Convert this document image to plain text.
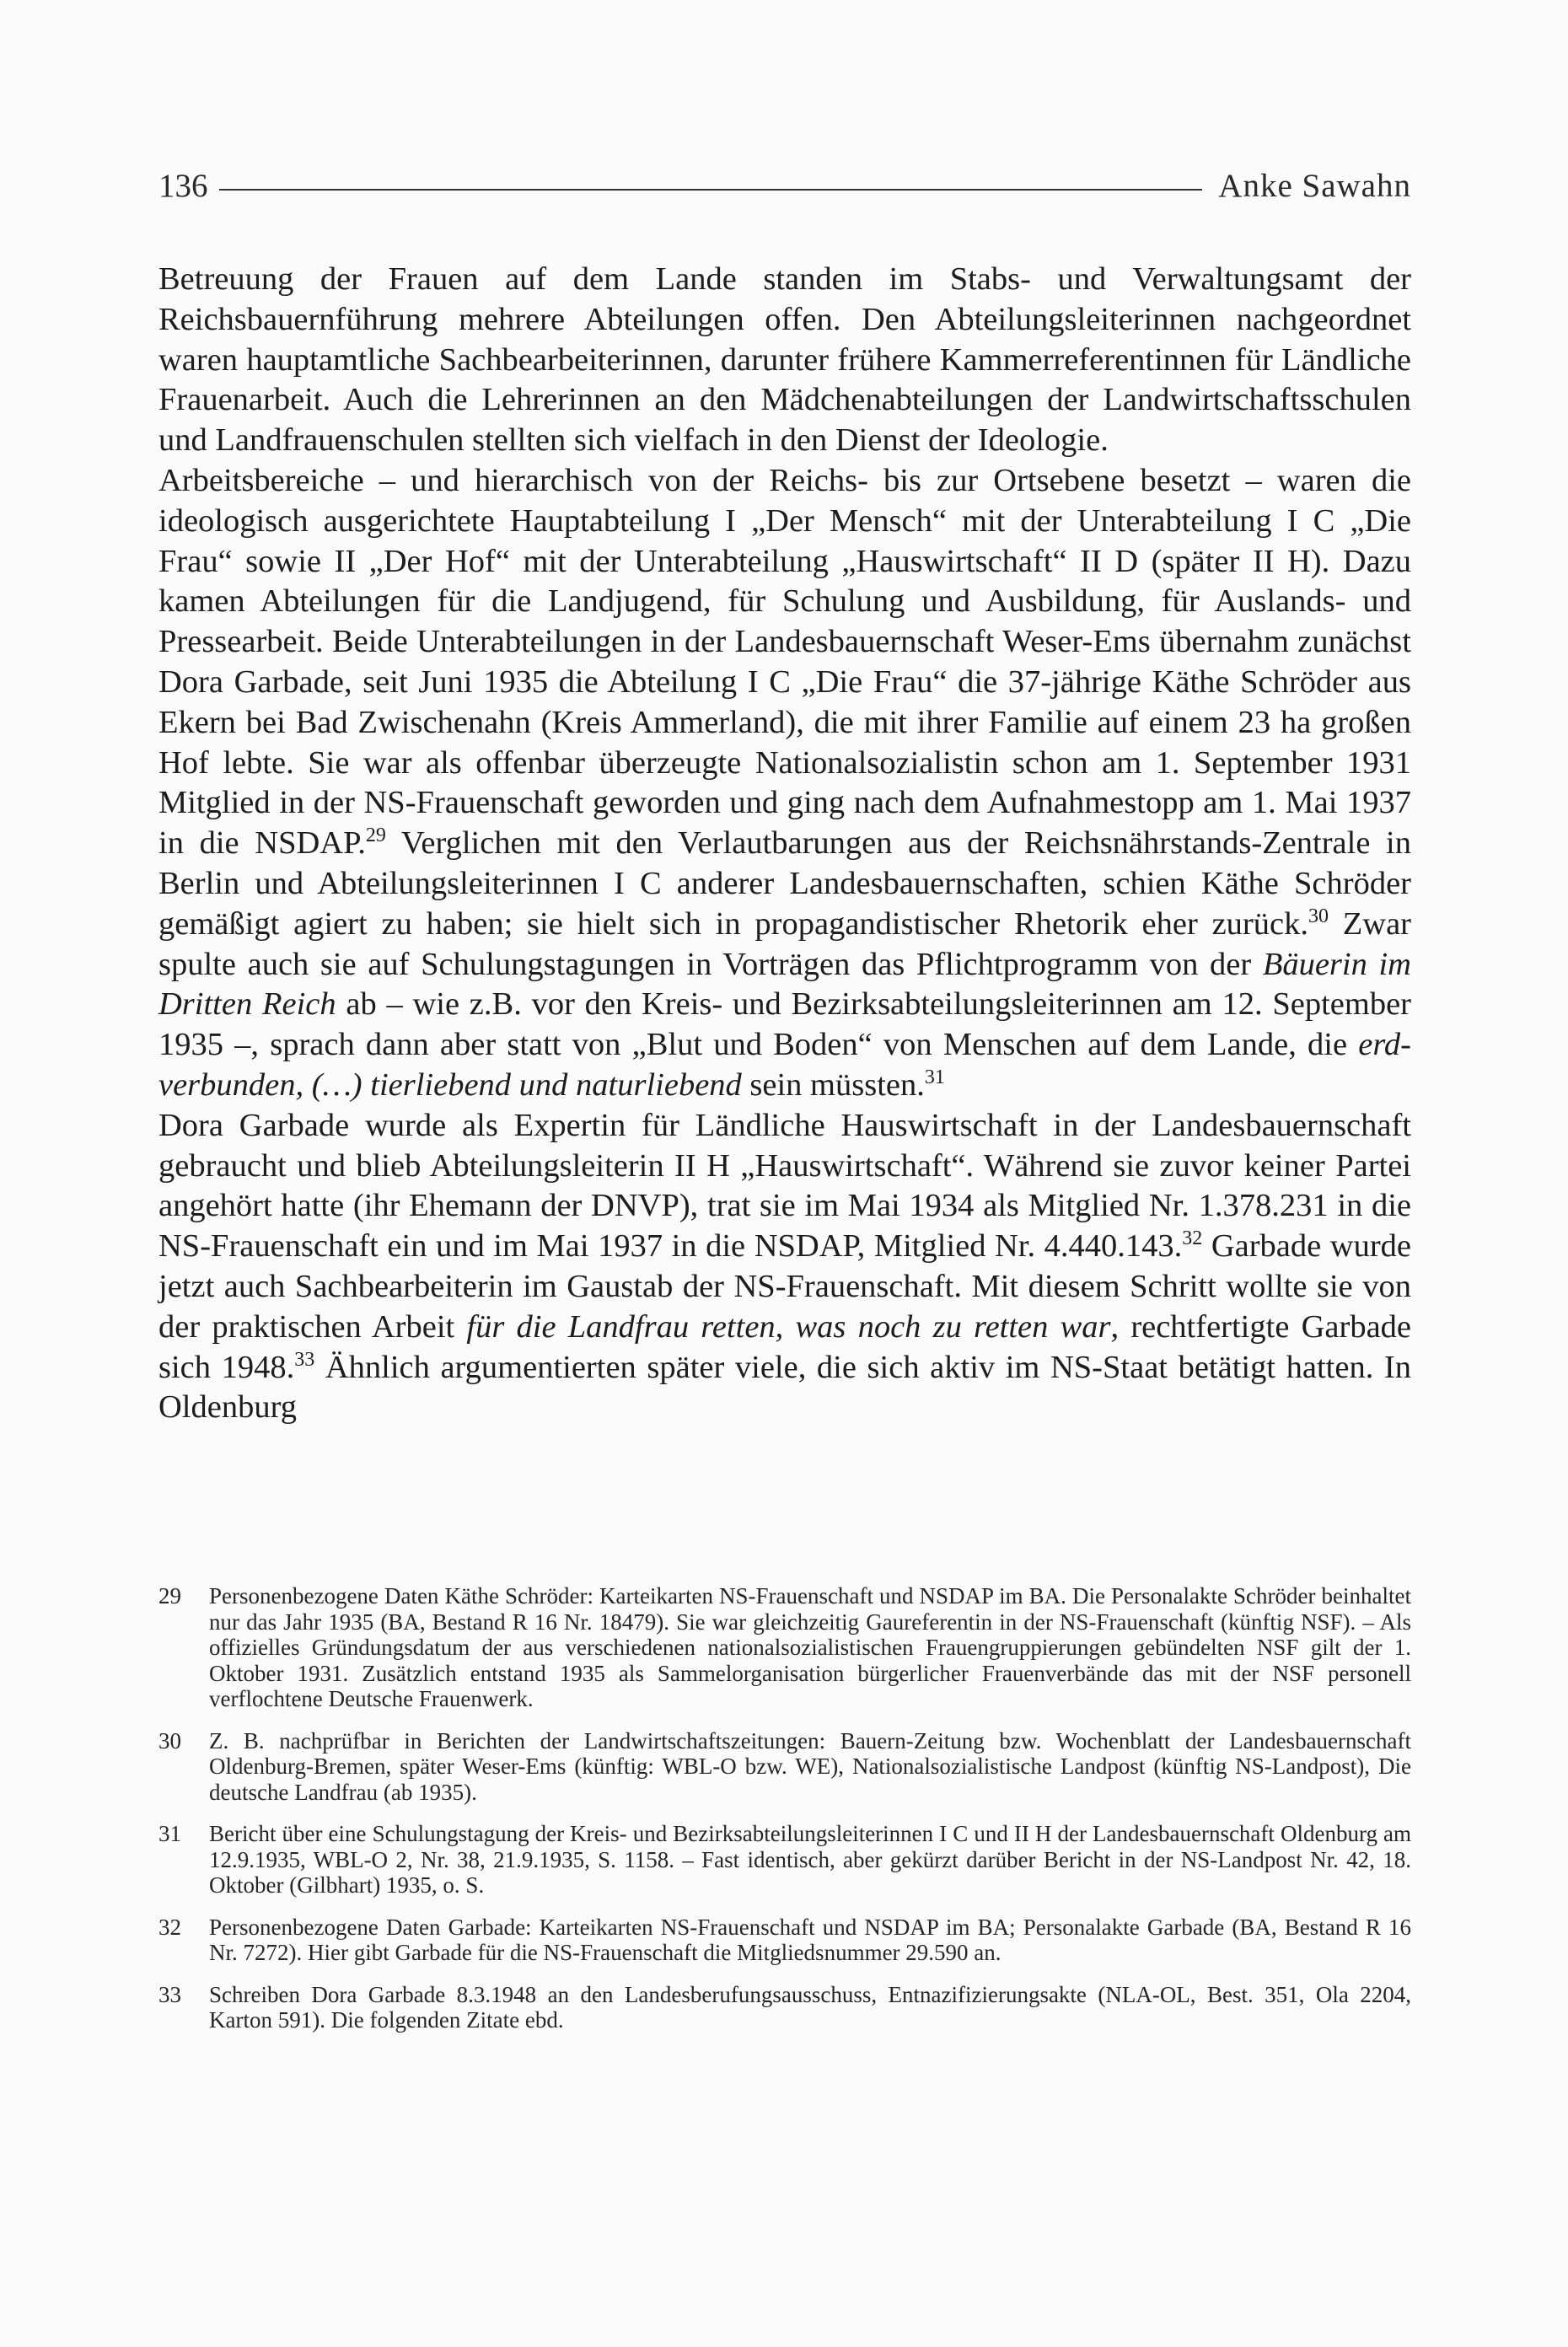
136	Anke Sawahn

Betreuung der Frauen auf dem Lande standen im Stabs- und Verwaltungsamt der Reichsbauernführung mehrere Abteilungen offen. Den Abteilungsleiterinnen nachgeordnet waren hauptamtliche Sachbearbeiterinnen, darunter frühere Kammerreferentinnen für Ländliche Frauenarbeit. Auch die Lehrerinnen an den Mädchenabteilungen der Landwirtschaftsschulen und Landfrauenschulen stellten sich vielfach in den Dienst der Ideologie.

Arbeitsbereiche – und hierarchisch von der Reichs- bis zur Ortsebene besetzt – waren die ideologisch ausgerichtete Hauptabteilung I „Der Mensch“ mit der Unterabteilung I C „Die Frau“ sowie II „Der Hof“ mit der Unterabteilung „Hauswirtschaft“ II D (später II H). Dazu kamen Abteilungen für die Landjugend, für Schulung und Ausbildung, für Auslands- und Pressearbeit. Beide Unterabteilungen in der Landesbauernschaft Weser-Ems übernahm zunächst Dora Garbade, seit Juni 1935 die Abteilung I C „Die Frau“ die 37-jährige Käthe Schröder aus Ekern bei Bad Zwischenahn (Kreis Ammerland), die mit ihrer Familie auf einem 23 ha großen Hof lebte. Sie war als offenbar überzeugte Nationalsozialistin schon am 1. September 1931 Mitglied in der NS-Frauenschaft geworden und ging nach dem Aufnahmestopp am 1. Mai 1937 in die NSDAP.$^{29}$ Verglichen mit den Verlautbarungen aus der Reichsnährstands-Zentrale in Berlin und Abteilungsleiterinnen I C anderer Landesbauernschaften, schien Käthe Schröder gemäßigt agiert zu haben; sie hielt sich in propagandistischer Rhetorik eher zurück.$^{30}$ Zwar spulte auch sie auf Schulungstagungen in Vorträgen das Pflichtprogramm von der Bäuerin im Dritten Reich ab – wie z.B. vor den Kreis- und Bezirksabteilungsleiterinnen am 12. September 1935 –, sprach dann aber statt von „Blut und Boden“ von Menschen auf dem Lande, die erdverbunden, (…) tierliebend und naturliebend sein müssten.$^{31}$

Dora Garbade wurde als Expertin für Ländliche Hauswirtschaft in der Landesbauernschaft gebraucht und blieb Abteilungsleiterin II H „Hauswirtschaft“. Während sie zuvor keiner Partei angehört hatte (ihr Ehemann der DNVP), trat sie im Mai 1934 als Mitglied Nr. 1.378.231 in die NS-Frauenschaft ein und im Mai 1937 in die NSDAP, Mitglied Nr. 4.440.143.32 Garbade wurde jetzt auch Sachbearbeiterin im Gaustab der NS-Frauenschaft. Mit diesem Schritt wollte sie von der praktischen Arbeit für die Landfrau retten, was noch zu retten war, rechtfertigte Garbade sich 1948.33 Ähnlich argumentierten später viele, die sich aktiv im NS-Staat betätigt hatten. In Oldenburg

29	Personenbezogene Daten Käthe Schröder: Karteikarten NS-Frauenschaft und NSDAP im BA. Die Personalakte Schröder beinhaltet nur das Jahr 1935 (BA, Bestand R 16 Nr. 18479). Sie war gleichzeitig Gaureferentin in der NS-Frauenschaft (künftig NSF). – Als offizielles Gründungsdatum der aus verschiedenen nationalsozialistischen Frauengruppierungen gebündelten NSF gilt der 1. Oktober 1931. Zusätzlich entstand 1935 als Sammelorganisation bürgerlicher Frauenverbände das mit der NSF personell verflochtene Deutsche Frauenwerk.
30	Z. B. nachprüfbar in Berichten der Landwirtschaftszeitungen: Bauern-Zeitung bzw. Wochenblatt der Landesbauernschaft Oldenburg-Bremen, später Weser-Ems (künftig: WBL-O bzw. WE), Nationalsozialistische Landpost (künftig NS-Landpost), Die deutsche Landfrau (ab 1935).
31	Bericht über eine Schulungstagung der Kreis- und Bezirksabteilungsleiterinnen I C und II H der Landesbauernschaft Oldenburg am 12.9.1935, WBL-O 2, Nr. 38, 21.9.1935, S. 1158. – Fast identisch, aber gekürzt darüber Bericht in der NS-Landpost Nr. 42, 18. Oktober (Gilbhart) 1935, o. S.
32	Personenbezogene Daten Garbade: Karteikarten NS-Frauenschaft und NSDAP im BA; Personalakte Garbade (BA, Bestand R 16 Nr. 7272). Hier gibt Garbade für die NS-Frauenschaft die Mitgliedsnummer 29.590 an.
33	Schreiben Dora Garbade 8.3.1948 an den Landesberufungsausschuss, Entnazifizierungsakte (NLA-OL, Best. 351, Ola 2204, Karton 591). Die folgenden Zitate ebd.
